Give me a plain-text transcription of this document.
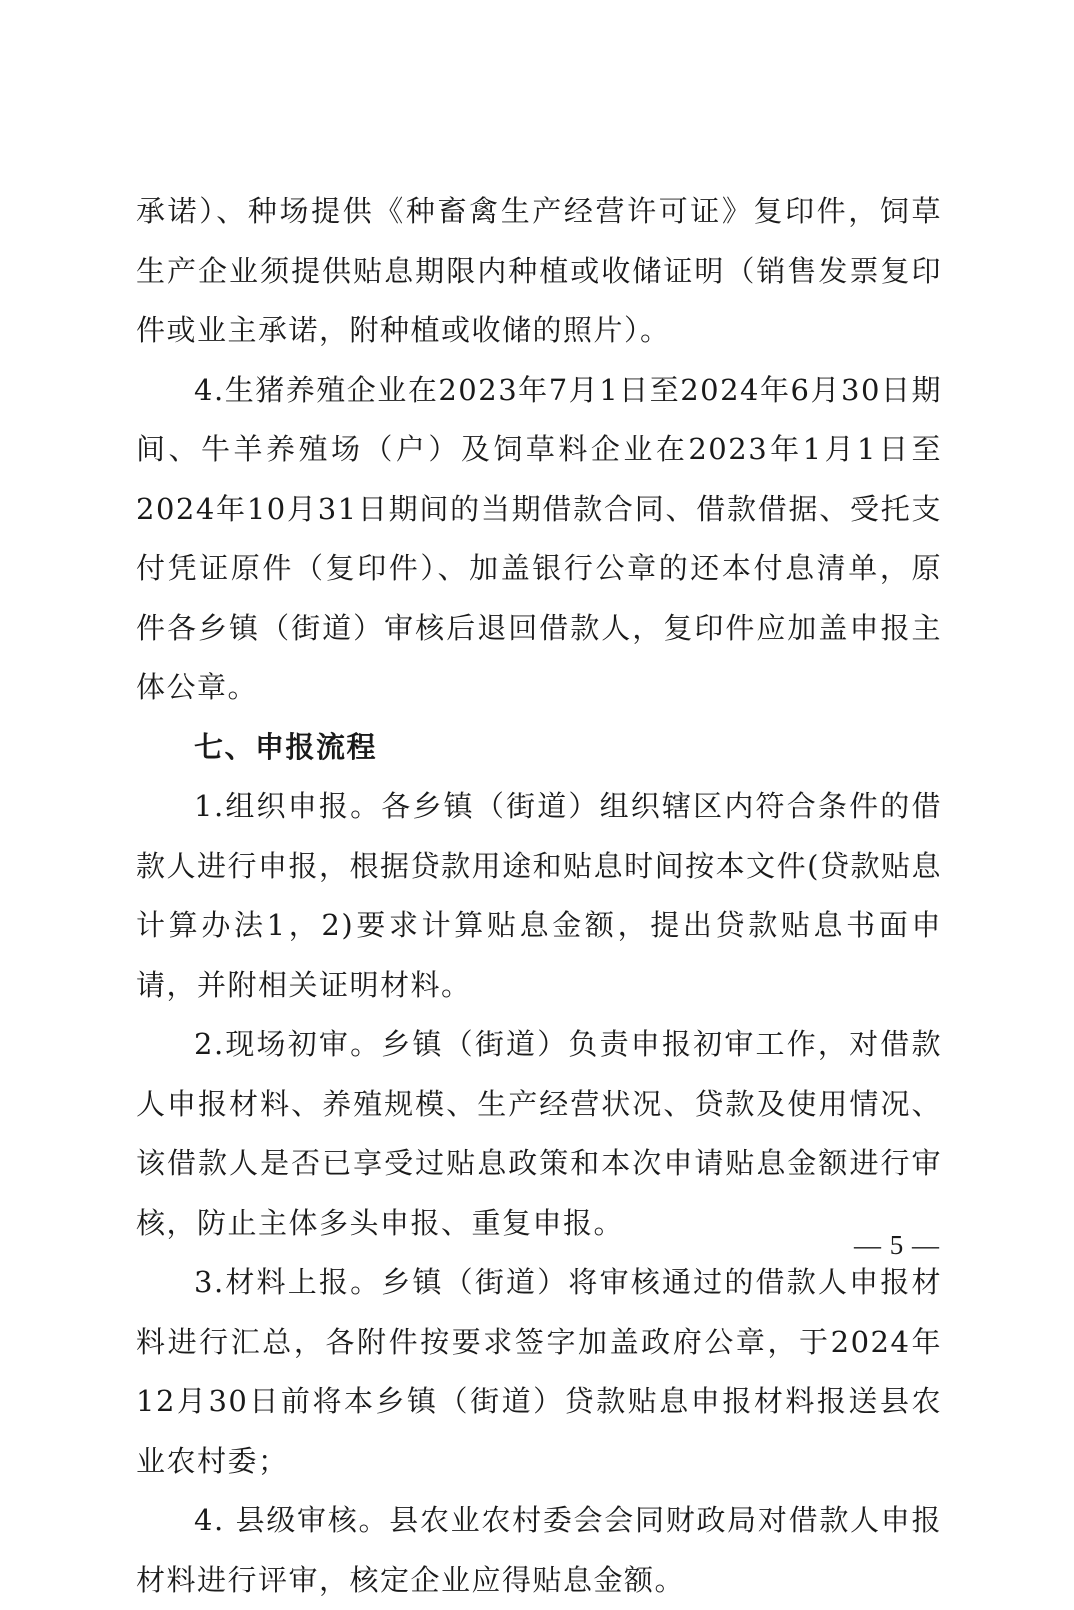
承诺）、种场提供《种畜禽生产经营许可证》复印件，饲草生产企业须提供贴息期限内种植或收储证明（销售发票复印件或业主承诺，附种植或收储的照片）。

4.生猪养殖企业在2023年7月1日至2024年6月30日期间、牛羊养殖场（户）及饲草料企业在2023年1月1日至2024年10月31日期间的当期借款合同、借款借据、受托支付凭证原件（复印件）、加盖银行公章的还本付息清单，原件各乡镇（街道）审核后退回借款人，复印件应加盖申报主体公章。

七、申报流程

1.组织申报。各乡镇（街道）组织辖区内符合条件的借款人进行申报，根据贷款用途和贴息时间按本文件(贷款贴息计算办法1，2)要求计算贴息金额，提出贷款贴息书面申请，并附相关证明材料。

2.现场初审。乡镇（街道）负责申报初审工作，对借款人申报材料、养殖规模、生产经营状况、贷款及使用情况、该借款人是否已享受过贴息政策和本次申请贴息金额进行审核，防止主体多头申报、重复申报。

3.材料上报。乡镇（街道）将审核通过的借款人申报材料进行汇总，各附件按要求签字加盖政府公章，于2024年12月30日前将本乡镇（街道）贷款贴息申报材料报送县农业农村委；

4. 县级审核。县农业农村委会会同财政局对借款人申报材料进行评审，核定企业应得贴息金额。

— 5 —
